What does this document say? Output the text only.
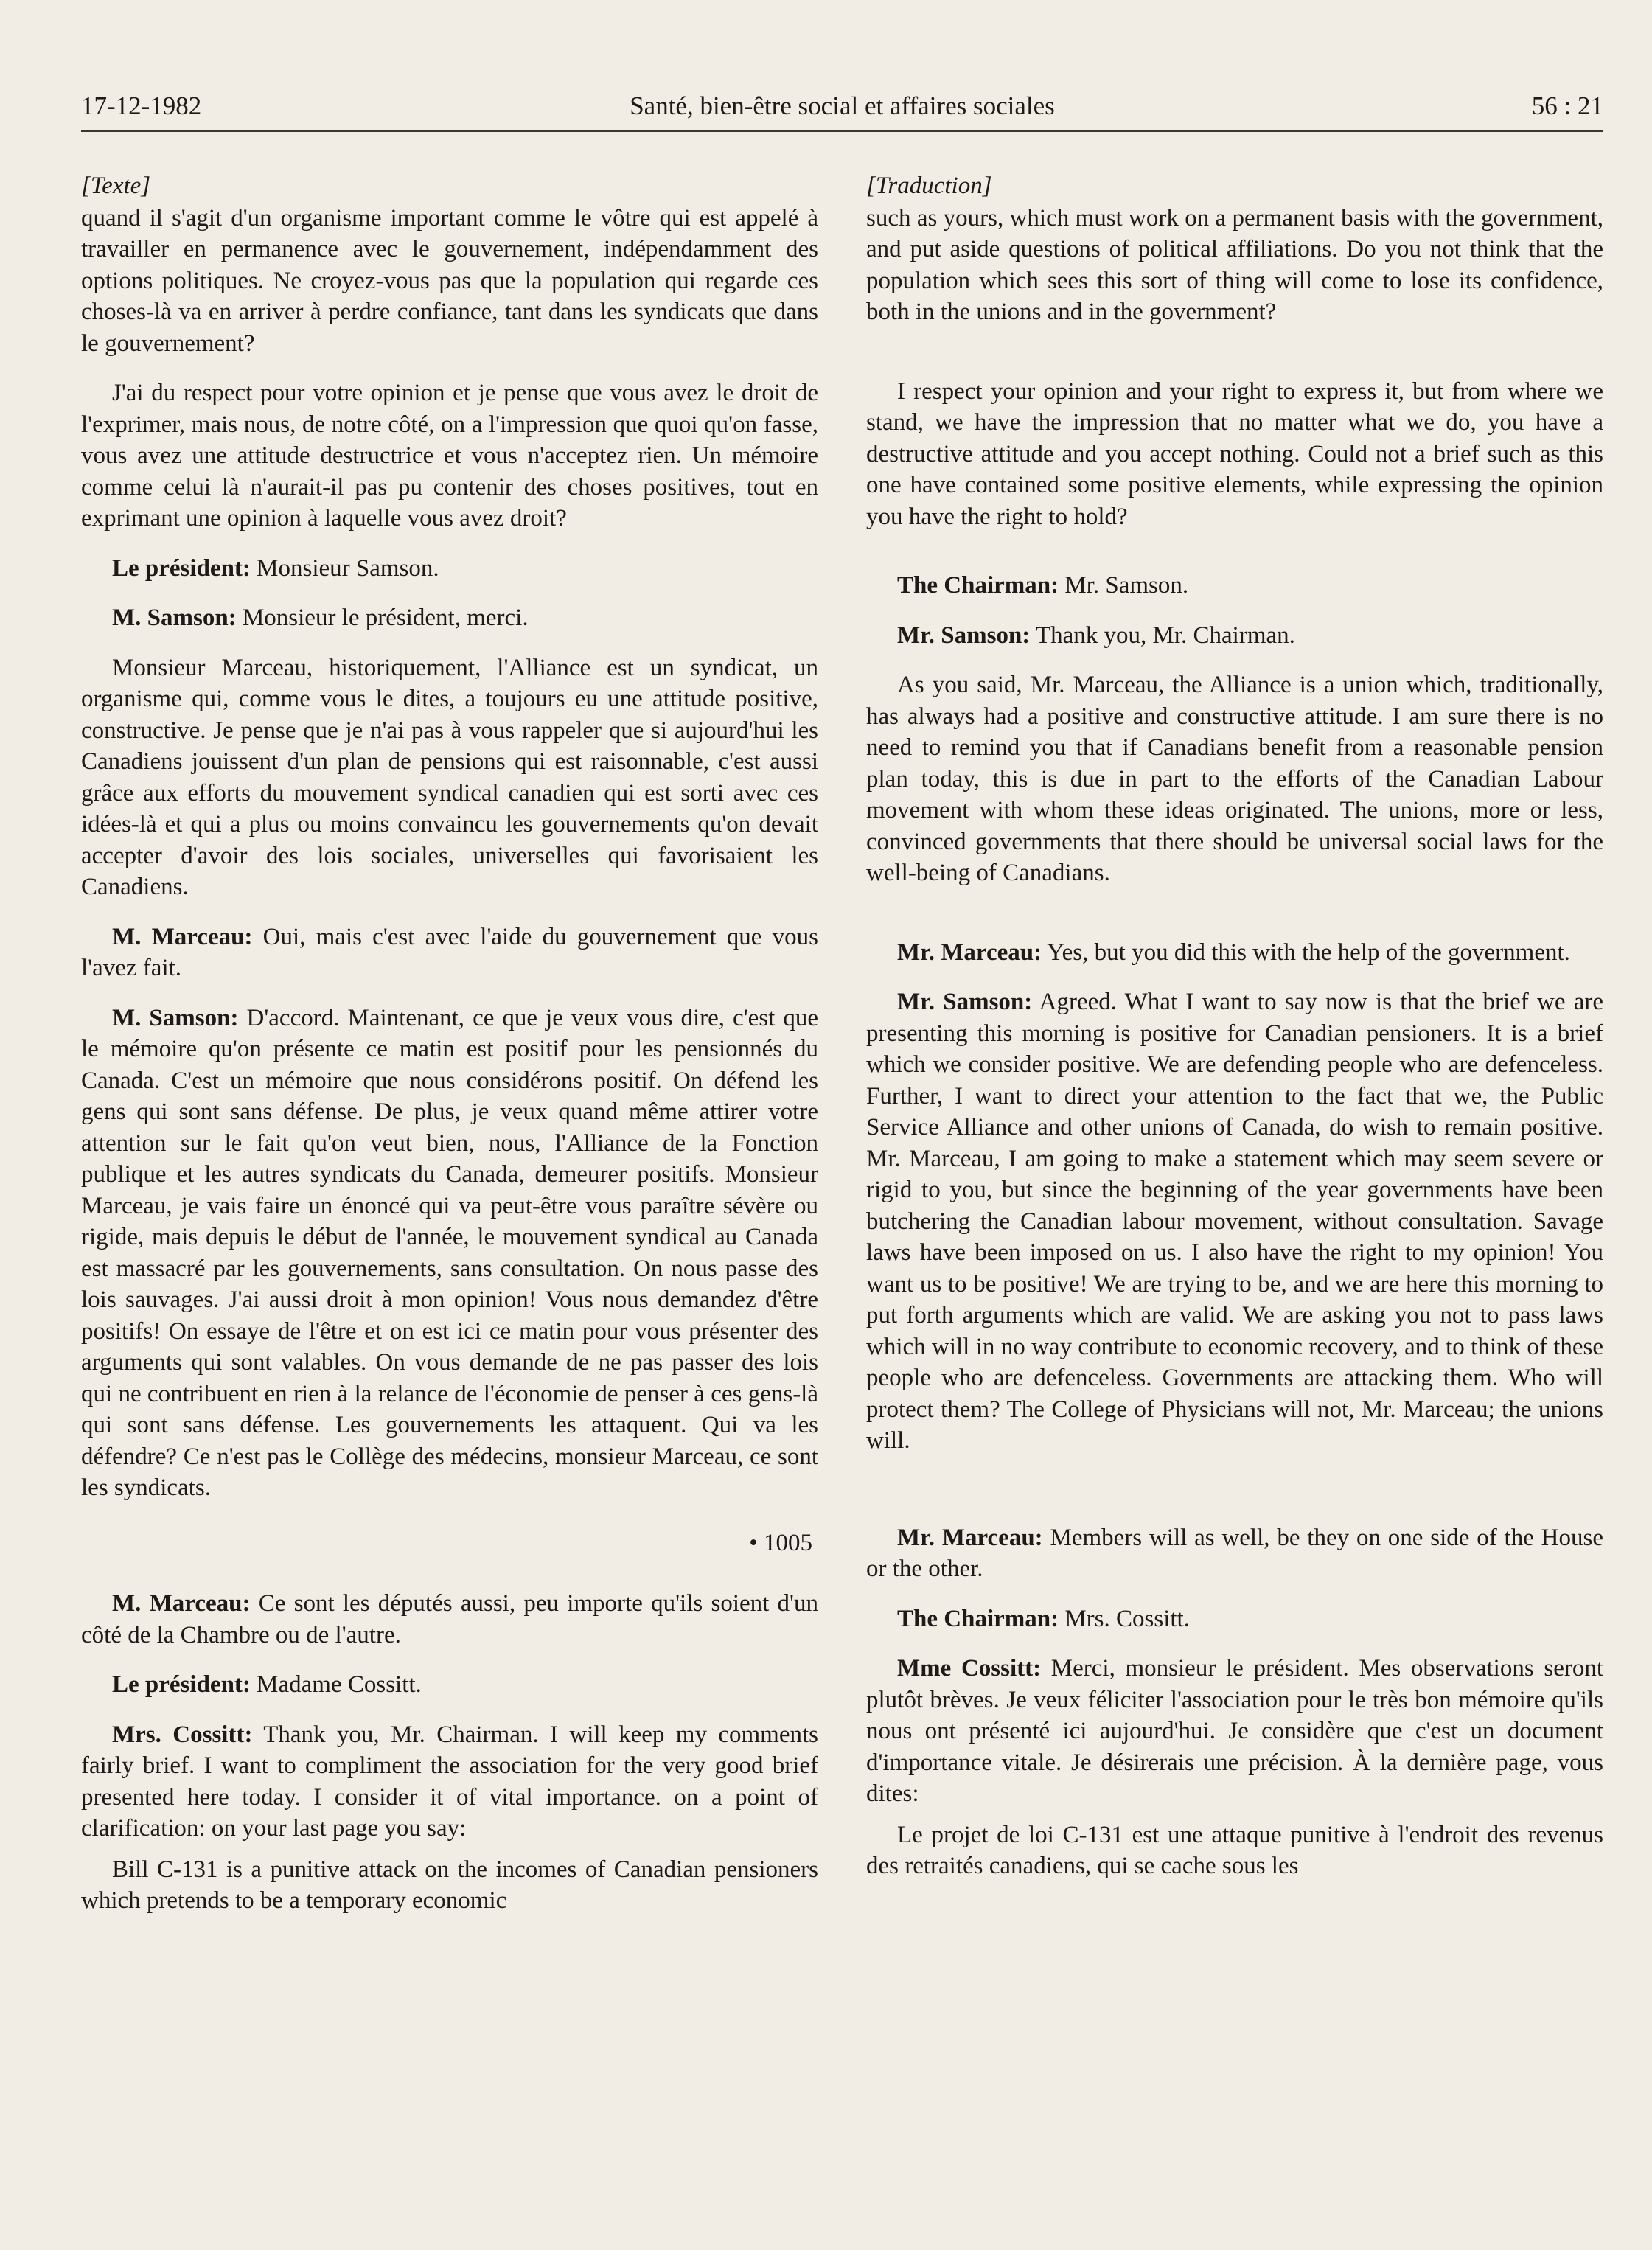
17-12-1982	Santé, bien-être social et affaires sociales	56 : 21
[Texte]

quand il s'agit d'un organisme important comme le vôtre qui est appelé à travailler en permanence avec le gouvernement, indépendamment des options politiques. Ne croyez-vous pas que la population qui regarde ces choses-là va en arriver à perdre confiance, tant dans les syndicats que dans le gouvernement?

J'ai du respect pour votre opinion et je pense que vous avez le droit de l'exprimer, mais nous, de notre côté, on a l'impression que quoi qu'on fasse, vous avez une attitude destructrice et vous n'acceptez rien. Un mémoire comme celui là n'aurait-il pas pu contenir des choses positives, tout en exprimant une opinion à laquelle vous avez droit?

Le président: Monsieur Samson.

M. Samson: Monsieur le président, merci.

Monsieur Marceau, historiquement, l'Alliance est un syndicat, un organisme qui, comme vous le dites, a toujours eu une attitude positive, constructive. Je pense que je n'ai pas à vous rappeler que si aujourd'hui les Canadiens jouissent d'un plan de pensions qui est raisonnable, c'est aussi grâce aux efforts du mouvement syndical canadien qui est sorti avec ces idées-là et qui a plus ou moins convaincu les gouvernements qu'on devait accepter d'avoir des lois sociales, universelles qui favorisaient les Canadiens.

M. Marceau: Oui, mais c'est avec l'aide du gouvernement que vous l'avez fait.

M. Samson: D'accord. Maintenant, ce que je veux vous dire, c'est que le mémoire qu'on présente ce matin est positif pour les pensionnés du Canada. C'est un mémoire que nous considérons positif. On défend les gens qui sont sans défense. De plus, je veux quand même attirer votre attention sur le fait qu'on veut bien, nous, l'Alliance de la Fonction publique et les autres syndicats du Canada, demeurer positifs. Monsieur Marceau, je vais faire un énoncé qui va peut-être vous paraître sévère ou rigide, mais depuis le début de l'année, le mouvement syndical au Canada est massacré par les gouvernements, sans consultation. On nous passe des lois sauvages. J'ai aussi droit à mon opinion! Vous nous demandez d'être positifs! On essaye de l'être et on est ici ce matin pour vous présenter des arguments qui sont valables. On vous demande de ne pas passer des lois qui ne contribuent en rien à la relance de l'économie de penser à ces gens-là qui sont sans défense. Les gouvernements les attaquent. Qui va les défendre? Ce n'est pas le Collège des médecins, monsieur Marceau, ce sont les syndicats.

• 1005

M. Marceau: Ce sont les députés aussi, peu importe qu'ils soient d'un côté de la Chambre ou de l'autre.

Le président: Madame Cossitt.

Mrs. Cossitt: Thank you, Mr. Chairman. I will keep my comments fairly brief. I want to compliment the association for the very good brief presented here today. I consider it of vital importance. on a point of clarification: on your last page you say:

Bill C-131 is a punitive attack on the incomes of Canadian pensioners which pretends to be a temporary economic

[Traduction]

such as yours, which must work on a permanent basis with the government, and put aside questions of political affiliations. Do you not think that the population which sees this sort of thing will come to lose its confidence, both in the unions and in the government?

I respect your opinion and your right to express it, but from where we stand, we have the impression that no matter what we do, you have a destructive attitude and you accept nothing. Could not a brief such as this one have contained some positive elements, while expressing the opinion you have the right to hold?

The Chairman: Mr. Samson.

Mr. Samson: Thank you, Mr. Chairman.

As you said, Mr. Marceau, the Alliance is a union which, traditionally, has always had a positive and constructive attitude. I am sure there is no need to remind you that if Canadians benefit from a reasonable pension plan today, this is due in part to the efforts of the Canadian Labour movement with whom these ideas originated. The unions, more or less, convinced governments that there should be universal social laws for the well-being of Canadians.

Mr. Marceau: Yes, but you did this with the help of the government.

Mr. Samson: Agreed. What I want to say now is that the brief we are presenting this morning is positive for Canadian pensioners. It is a brief which we consider positive. We are defending people who are defenceless. Further, I want to direct your attention to the fact that we, the Public Service Alliance and other unions of Canada, do wish to remain positive. Mr. Marceau, I am going to make a statement which may seem severe or rigid to you, but since the beginning of the year governments have been butchering the Canadian labour movement, without consultation. Savage laws have been imposed on us. I also have the right to my opinion! You want us to be positive! We are trying to be, and we are here this morning to put forth arguments which are valid. We are asking you not to pass laws which will in no way contribute to economic recovery, and to think of these people who are defenceless. Governments are attacking them. Who will protect them? The College of Physicians will not, Mr. Marceau; the unions will.

Mr. Marceau: Members will as well, be they on one side of the House or the other.

The Chairman: Mrs. Cossitt.

Mme Cossitt: Merci, monsieur le président. Mes observations seront plutôt brèves. Je veux féliciter l'association pour le très bon mémoire qu'ils nous ont présenté ici aujourd'hui. Je considère que c'est un document d'importance vitale. Je désirerais une précision. À la dernière page, vous dites:

Le projet de loi C-131 est une attaque punitive à l'endroit des revenus des retraités canadiens, qui se cache sous les
